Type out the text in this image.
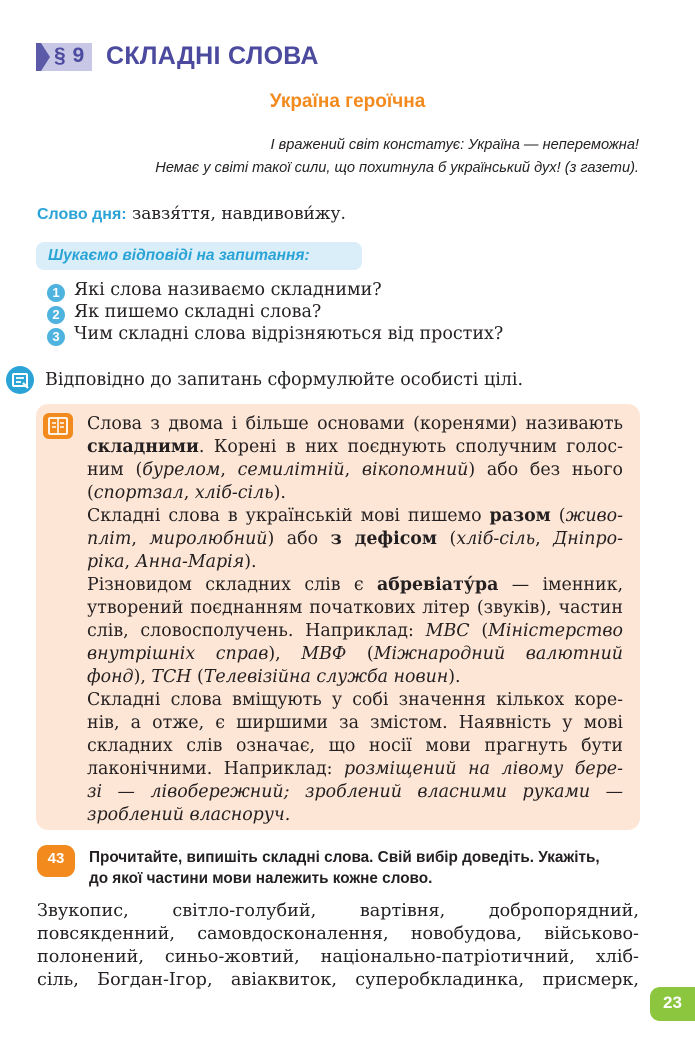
§ 9 СКЛАДНІ СЛОВА
Україна героїчна
І вражений світ констатує: Україна — непереможна!
Немає у світі такої сили, що похитнула б український дух! (з газети).
Слово дня: завзя́ття, навдивови́жу.
Шукаємо відповіді на запитання:
1 Які слова називаємо складними?
2 Як пишемо складні слова?
3 Чим складні слова відрізняються від простих?
Відповідно до запитань сформулюйте особисті цілі.
Слова з двома і більше основами (коренями) називають
складними. Корені в них поєднують сполучним голос-
ним (бурелом, семилітній, вікопомний) або без нього
(спортзал, хліб-сіль).
Складні слова в українській мові пишемо разом (живо-
пліт, миролюбний) або з дефісом (хліб-сіль, Дніпро-
ріка, Анна-Марія).
Різновидом складних слів є абревіату́ра — іменник,
утворений поєднанням початкових літер (звуків), частин
слів, словосполучень. Наприклад: МВС (Міністерство
внутрішніх справ), МВФ (Міжнародний валютний
фонд), ТСН (Телевізійна служба новин).
Складні слова вміщують у собі значення кількох коре-
нів, а отже, є ширшими за змістом. Наявність у мові
складних слів означає, що носії мови прагнуть бути
лаконічними. Наприклад: розміщений на лівому бере-
зі — лівобережний; зроблений власними руками —
зроблений власноруч.
43	Прочитайте, випишіть складні слова. Свій вибір доведіть. Укажіть,
до якої частини мови належить кожне слово.
Звукопис, світло-голубий, вартівня, добропорядний,
повсякденний, самовдосконалення, новобудова, військово-
полонений, синьо-жовтий, національно-патріотичний, хліб-
сіль, Богдан-Ігор, авіаквиток, суперобкладинка, присмерк,
23
